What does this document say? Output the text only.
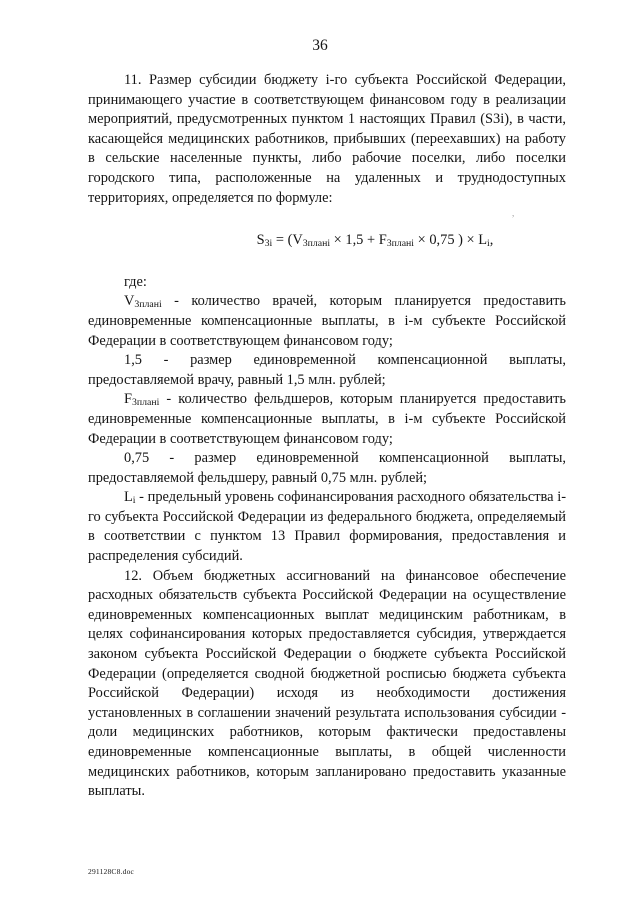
36
,

11. Размер субсидии бюджету i-го субъекта Российской Федерации, принимающего участие в соответствующем финансовом году в реализации мероприятий, предусмотренных пунктом 1 настоящих Правил (S3i), в части, касающейся медицинских работников, прибывших (переехавших) на работу в сельские населенные пункты, либо рабочие поселки, либо поселки городского типа, расположенные на удаленных и труднодоступных территориях, определяется по формуле:

$S_{3i} = (V_{3планi} \times 1,5 + F_{3планi} \times 0,75$ ) × $L_i$,

где:

$V_{3планi}$ - количество врачей, которым планируется предоставить единовременные компенсационные выплаты, в i-м субъекте Российской Федерации в соответствующем финансовом году;

1,5 - размер единовременной компенсационной выплаты, предоставляемой врачу, равный 1,5 млн. рублей;

$F_{3планi}$ - количество фельдшеров, которым планируется предоставить единовременные компенсационные выплаты, в i-м субъекте Российской Федерации в соответствующем финансовом году;

0,75 - размер единовременной компенсационной выплаты, предоставляемой фельдшеру, равный 0,75 млн. рублей;

$L_i$ - предельный уровень софинансирования расходного обязательства i-го субъекта Российской Федерации из федерального бюджета, определяемый в соответствии с пунктом 13 Правил формирования, предоставления и распределения субсидий.

12. Объем бюджетных ассигнований на финансовое обеспечение расходных обязательств субъекта Российской Федерации на осуществление единовременных компенсационных выплат медицинским работникам, в целях софинансирования которых предоставляется субсидия, утверждается законом субъекта Российской Федерации о бюджете субъекта Российской Федерации (определяется сводной бюджетной росписью бюджета субъекта Российской Федерации) исходя из необходимости достижения установленных в соглашении значений результата использования субсидии - доли медицинских работников, которым фактически предоставлены единовременные компенсационные выплаты, в общей численности медицинских работников, которым запланировано предоставить указанные выплаты.

291128C8.doc
